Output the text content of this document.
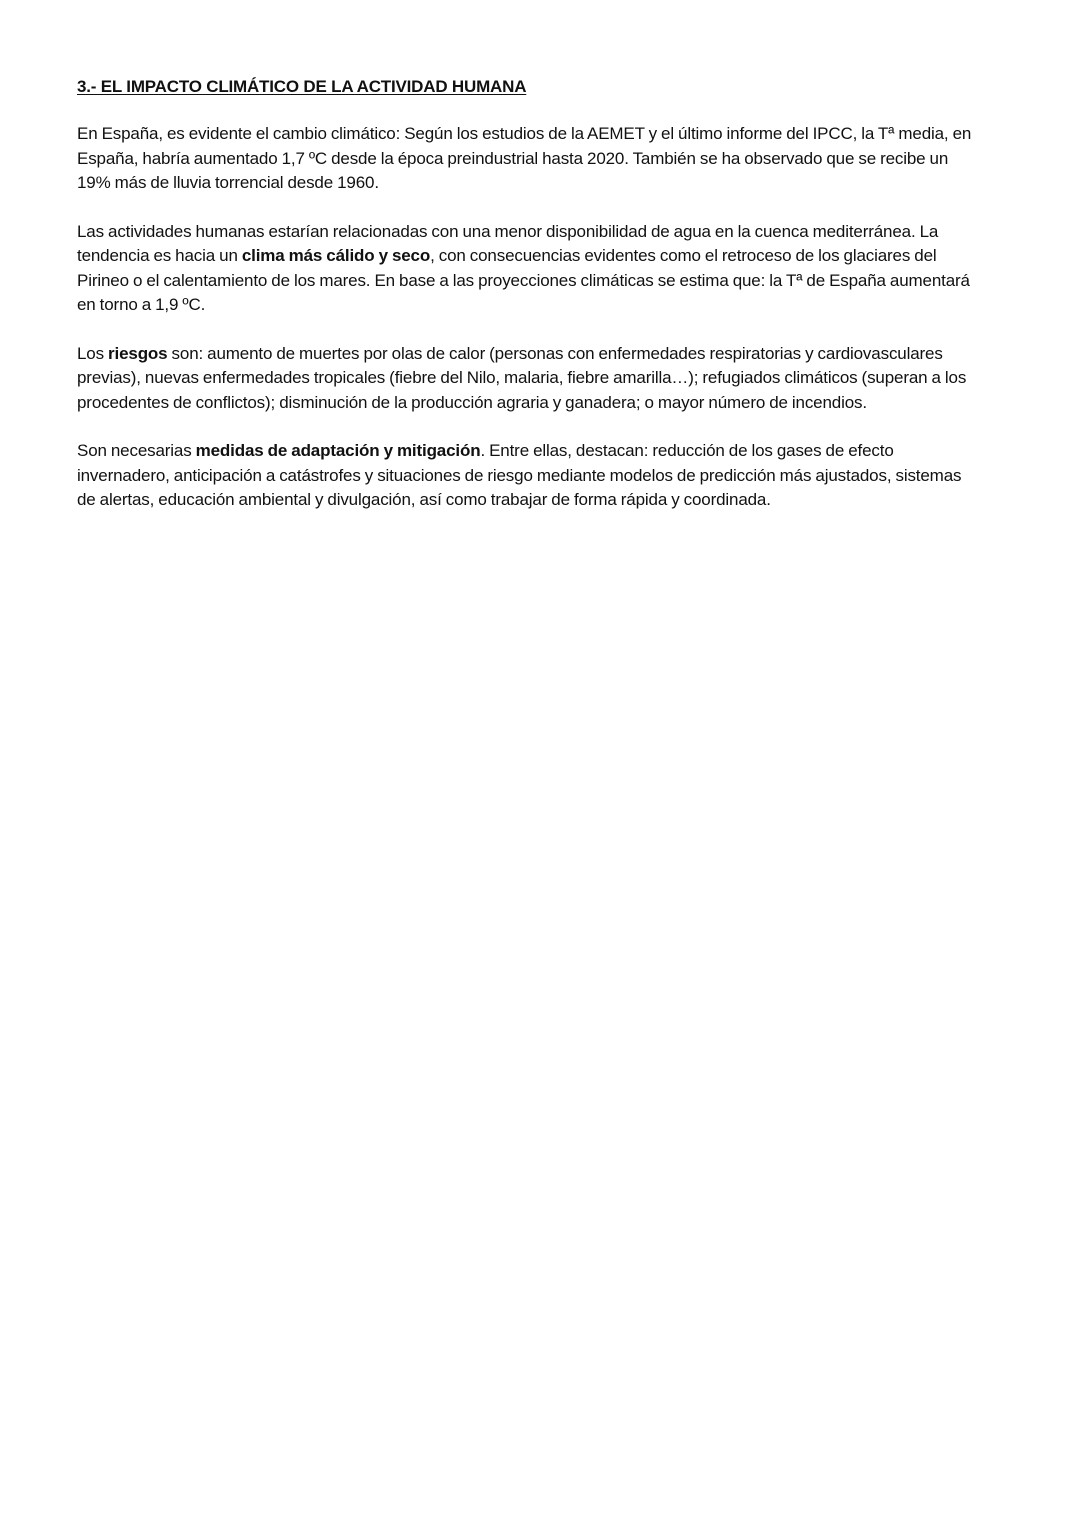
3.- EL IMPACTO CLIMÁTICO DE LA ACTIVIDAD HUMANA

En España, es evidente el cambio climático: Según los estudios de la AEMET y el último informe del IPCC, la Tª media, en España, habría aumentado 1,7 ºC desde la época preindustrial hasta 2020. También se ha observado que se recibe un 19% más de lluvia torrencial desde 1960.

Las actividades humanas estarían relacionadas con una menor disponibilidad de agua en la cuenca mediterránea. La tendencia es hacia un clima más cálido y seco, con consecuencias evidentes como el retroceso de los glaciares del Pirineo o el calentamiento de los mares. En base a las proyecciones climáticas se estima que: la Tª de España aumentará en torno a 1,9 ºC.

Los riesgos son: aumento de muertes por olas de calor (personas con enfermedades respiratorias y cardiovasculares previas), nuevas enfermedades tropicales (fiebre del Nilo, malaria, fiebre amarilla…); refugiados climáticos (superan a los procedentes de conflictos); disminución de la producción agraria y ganadera; o mayor número de incendios.

Son necesarias medidas de adaptación y mitigación. Entre ellas, destacan: reducción de los gases de efecto invernadero, anticipación a catástrofes y situaciones de riesgo mediante modelos de predicción más ajustados, sistemas de alertas, educación ambiental y divulgación, así como trabajar de forma rápida y coordinada.
